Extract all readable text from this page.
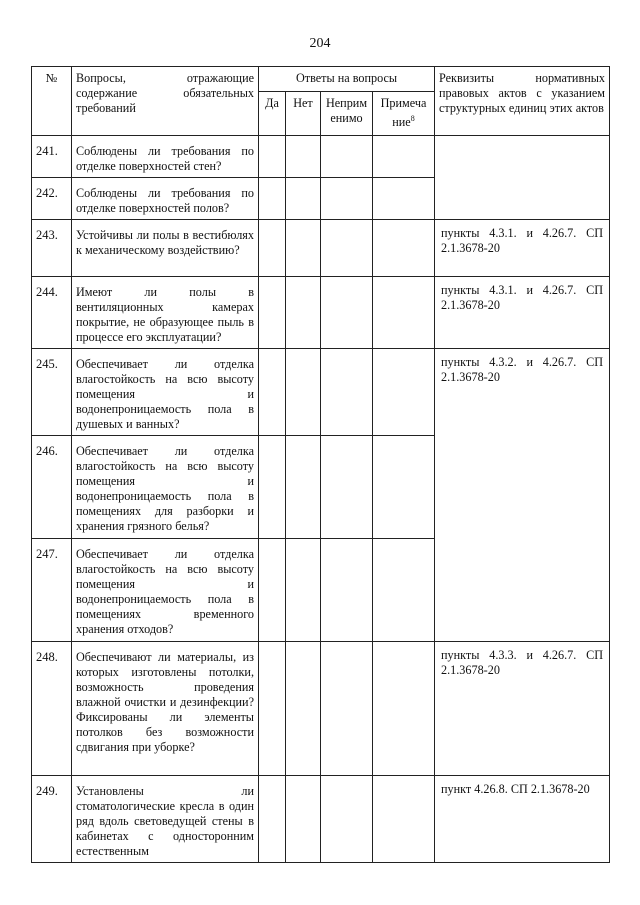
204
№	Вопросы, отражающие содержание обязательных требований	Ответы на вопросы				Реквизиты нормативных правовых актов с указанием структурных единиц этих актов
		Да	Нет	Неприм енимо	Примеча ние$^8$
241.	Соблюдены ли требования по отделке поверхностей стен?					
242.	Соблюдены ли требования по отделке поверхностей полов?					
243.	Устойчивы ли полы в вестибюлях к механическому воздействию?					пункты 4.3.1. и 4.26.7. СП 2.1.3678-20
244.	Имеют ли полы в вентиляционных камерах покрытие, не образующее пыль в процессе его эксплуатации?					пункты 4.3.1. и 4.26.7. СП 2.1.3678-20
245.	Обеспечивает ли отделка влагостойкость на всю высоту помещения и водонепроницаемость пола в душевых и ванных?					пункты 4.3.2. и 4.26.7. СП 2.1.3678-20
246.	Обеспечивает ли отделка влагостойкость на всю высоту помещения и водонепроницаемость пола в помещениях для разборки и хранения грязного белья?					
247.	Обеспечивает ли отделка влагостойкость на всю высоту помещения и водонепроницаемость пола в помещениях временного хранения отходов?					
248.	Обеспечивают ли материалы, из которых изготовлены потолки, возможность проведения влажной очистки и дезинфекции? Фиксированы ли элементы потолков без возможности сдвигания при уборке?					пункты 4.3.3. и 4.26.7. СП 2.1.3678-20
249.	Установлены ли стоматологические кресла в один ряд вдоль световедущей стены в кабинетах с односторонним естественным					пункт 4.26.8. СП 2.1.3678-20
